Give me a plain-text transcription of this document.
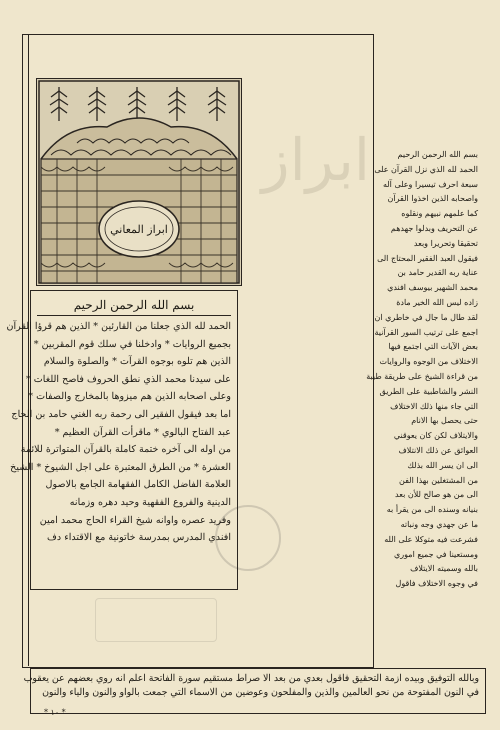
ابراز
ابراز المعاني
بسم الله الرحمن الرحيم
الحمد لله الذي جعلنا من القارئين * الذين هم قرؤا القرآن
بجميع الروايات * وادخلنا في سلك قوم المقربين *
الذين هم تلوه بوجوه القرآت * والصلوة والسلام
على سيدنا محمد الذي نطق الحروف فاصح اللغات *
وعلى اصحابه الذين هم ميزوها بالمخارج والصفات *
اما بعد فيقول الفقير الى رحمة ربه الغني حامد بن الحاج
عبد الفتاح البالوي * ماقرأت القرآن العظيم *
من اوله الى آخره ختمة كاملة بالقرآن المتواترة للائمة
العشرة * من الطرق المعتبرة على اجل الشيوخ * الشيخ
العلامة الفاضل الكامل الفقهامة الجامع بالاصول
الدينية والفروع الفقهية وحيد دهره وزمانه
وفريد عصره واوانه شيخ القراء الحاج محمد امين
افندي المدرس بمدرسة خاتونية مع الاقتداء دف
بسم الله الرحمن الرحيم
الحمد لله الذي نزل القرآن على
سبعة احرف تيسيرا وعلى آله
واصحابه الذين اخذوا القرآن
كما علمهم نبيهم ونقلوه
عن التحريف وبدلوا جهدهم
تحقيقا وتحريرا وبعد
فيقول العبد الفقير المحتاج الى
عناية ربه القدير حامد بن
محمد الشهير بيوسف افندي
زاده ليس الله الخير مادة
لقد طال ما جال في خاطري ان
اجمع على ترتيب السور القرآنية
بعض الآيات التي اجتمع فيها
الاختلاف من الوجوه والروايات
من قراءة الشيخ على طريقة طيبة
النشر والشاطبية على الطريق
التي جاء منها ذلك الاختلاف
حتى يحصل بها الانام
والايتلاف لكن كان يعوقني
العوائق عن ذلك الانتلاف
الى ان يسر الله بذلك
من المشتغلين بهذا الفن
الى من هو صالح للأن بعد
بنيانه وسنده الى من يقرأ به
ما عن جهدي وجه ونباته
فشرعت فيه متوكلا على الله
ومستعينا في جميع اموري
بالله وسميته الايتلاف
في وجوه الاختلاف فاقول
وبالله التوفيق وبيده ازمة التحقيق فاقول بعدي من بعد الا صراط مستقيم سورة الفاتحة اعلم انه روي بعضهم عن يعقوب
في النون المفتوحة من نحو العالمين والذين والمفلحون وعوضين من الاسماء التي جمعت بالواو والنون والياء والنون
* ١٠ *
